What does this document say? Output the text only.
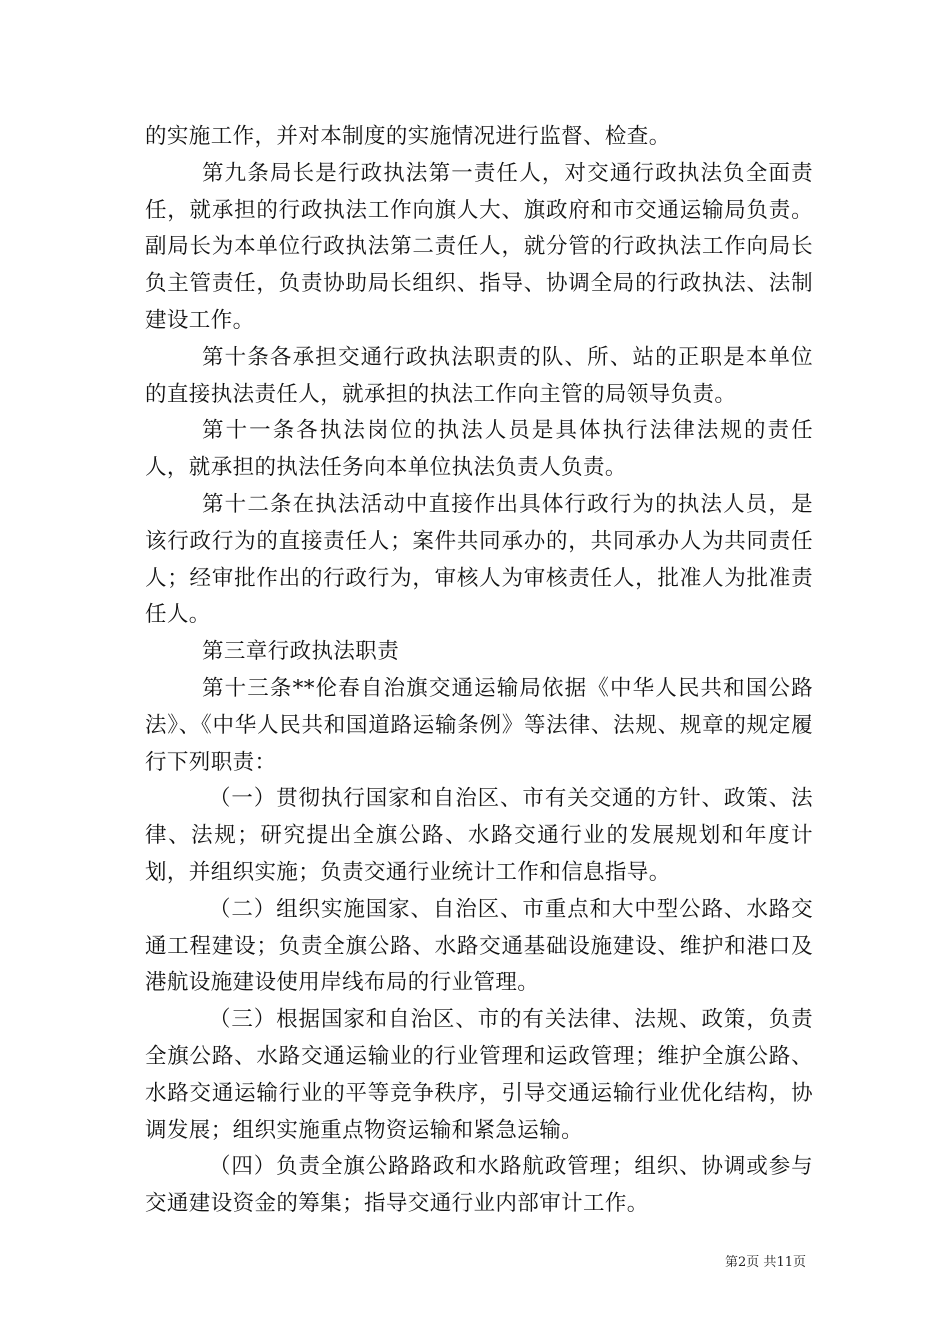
的实施工作，并对本制度的实施情况进行监督、检查。

第九条局长是行政执法第一责任人，对交通行政执法负全面责任，就承担的行政执法工作向旗人大、旗政府和市交通运输局负责。副局长为本单位行政执法第二责任人，就分管的行政执法工作向局长负主管责任，负责协助局长组织、指导、协调全局的行政执法、法制建设工作。

第十条各承担交通行政执法职责的队、所、站的正职是本单位的直接执法责任人，就承担的执法工作向主管的局领导负责。

第十一条各执法岗位的执法人员是具体执行法律法规的责任人，就承担的执法任务向本单位执法负责人负责。

第十二条在执法活动中直接作出具体行政行为的执法人员，是该行政行为的直接责任人；案件共同承办的，共同承办人为共同责任人；经审批作出的行政行为，审核人为审核责任人，批准人为批准责任人。

第三章行政执法职责

第十三条**伦春自治旗交通运输局依据《中华人民共和国公路法》、《中华人民共和国道路运输条例》等法律、法规、规章的规定履行下列职责：

（一）贯彻执行国家和自治区、市有关交通的方针、政策、法律、法规；研究提出全旗公路、水路交通行业的发展规划和年度计划，并组织实施；负责交通行业统计工作和信息指导。

（二）组织实施国家、自治区、市重点和大中型公路、水路交通工程建设；负责全旗公路、水路交通基础设施建设、维护和港口及港航设施建设使用岸线布局的行业管理。

（三）根据国家和自治区、市的有关法律、法规、政策，负责全旗公路、水路交通运输业的行业管理和运政管理；维护全旗公路、水路交通运输行业的平等竞争秩序，引导交通运输行业优化结构，协调发展；组织实施重点物资运输和紧急运输。

（四）负责全旗公路路政和水路航政管理；组织、协调或参与交通建设资金的筹集；指导交通行业内部审计工作。

第2页 共11页
